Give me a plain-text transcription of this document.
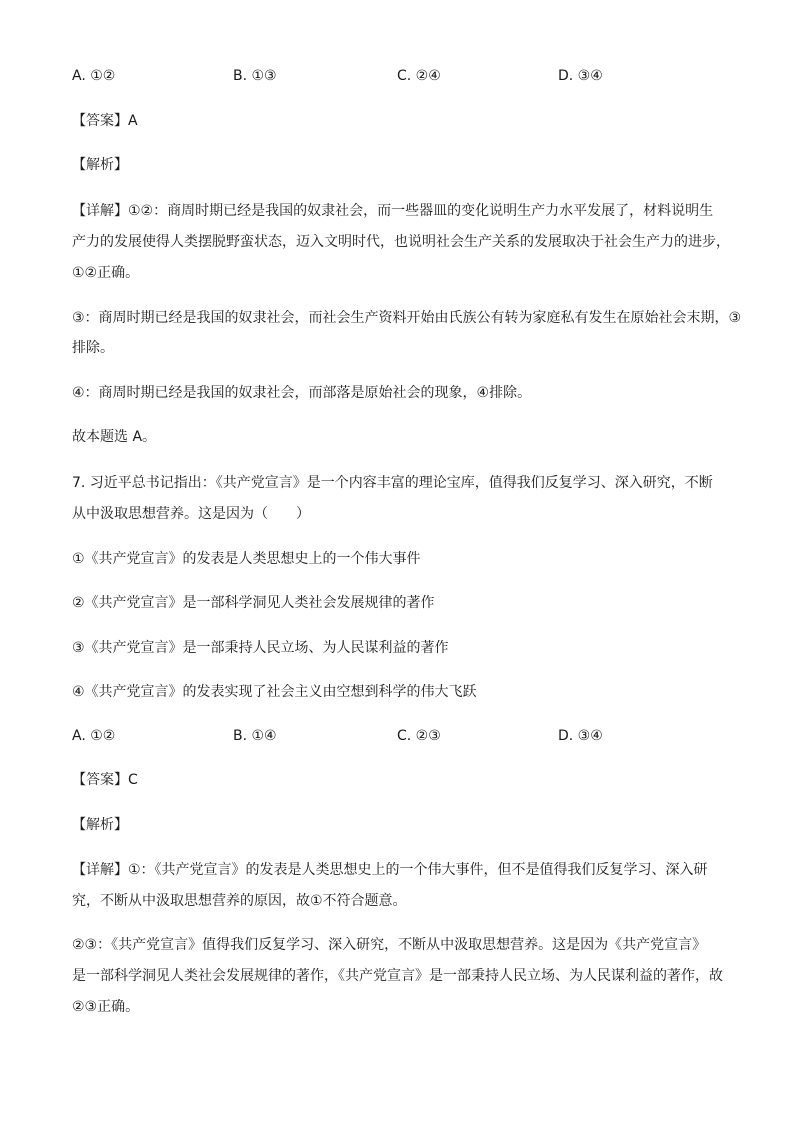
A. ①②	B. ①③	C. ②④	D. ③④
【答案】A
【解析】
【详解】①②：商周时期已经是我国的奴隶社会，而一些器皿的变化说明生产力水平发展了，材料说明生
产力的发展使得人类摆脱野蛮状态，迈入文明时代，也说明社会生产关系的发展取决于社会生产力的进步，
①②正确。
③：商周时期已经是我国的奴隶社会，而社会生产资料开始由氏族公有转为家庭私有发生在原始社会末期，③
排除。
④：商周时期已经是我国的奴隶社会，而部落是原始社会的现象，④排除。
故本题选 A。
7. 习近平总书记指出：《共产党宣言》是一个内容丰富的理论宝库，值得我们反复学习、深入研究，不断
从中汲取思想营养。这是因为（　　）
①《共产党宣言》的发表是人类思想史上的一个伟大事件
②《共产党宣言》是一部科学洞见人类社会发展规律的著作
③《共产党宣言》是一部秉持人民立场、为人民谋利益的著作
④《共产党宣言》的发表实现了社会主义由空想到科学的伟大飞跃
A. ①②	B. ①④	C. ②③	D. ③④
【答案】C
【解析】
【详解】①：《共产党宣言》的发表是人类思想史上的一个伟大事件，但不是值得我们反复学习、深入研
究，不断从中汲取思想营养的原因，故①不符合题意。
②③：《共产党宣言》值得我们反复学习、深入研究，不断从中汲取思想营养。这是因为《共产党宣言》
是一部科学洞见人类社会发展规律的著作，《共产党宣言》是一部秉持人民立场、为人民谋利益的著作，故
②③正确。
